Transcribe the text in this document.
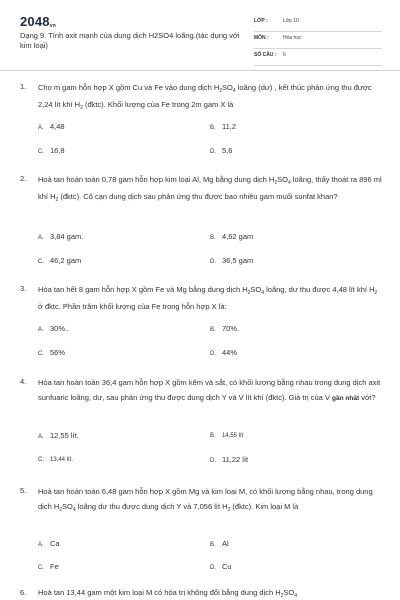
$2048_{vn}$
Dạng 9. Tính axit mạnh của dung dịch H2SO4 loãng.(tác dụng với kim loại)
LỚP :	Lớp 10
MÔN :	Hóa học
SỐ CÂU : 6
1. Cho m gam hỗn hợp X gồm Cu và Fe vào dung dịch $H_2SO_4$ loãng (dư) , kết thúc phản ứng thu được 2,24 lít khí $H_2$ (đktc). Khối lượng của Fe trong 2m gam X là
A. 4,48	B. 11,2
C. 16,8	D. 5,6
2. Hoà tan hoàn toàn 0,78 gam hỗn hợp kim loại Al, Mg bằng dung dịch $H_2SO_4$ loãng, thấy thoát ra 896 ml khí $H_2$ (đktc). Cô cạn dung dịch sau phản ứng thu được bao nhiêu gam muối sunfat khan?
A. 3,84 gam.	B. 4,62 gam
C. 46,2 gam	D. 36,5 gam
3. Hòa tan hết 8 gam hỗn hợp X gồm Fe và Mg bằng dung dịch $H_2SO_4$ loãng, dư thu được 4,48 lít khí $H_2$ ở đktc. Phần trăm khối lượng của Fe trong hỗn hợp X là:
A. 30%..	B. 70%.
C. 56%	D. 44%
4. Hòa tan hoàn toàn 36,4 gam hỗn hợp X gồm kẽm và sắt, có khối lượng bằng nhau trong dung dịch axit sunfuaric loãng, dư, sau phản ứng thu được dung dịch Y và V lít khí (đktc). Giá trị của V gần nhất với?
A. 12,55 lít.	B. 14,55 lít
C. 13,44 lít.	D. 11,22 lít
5. Hoà tan hoàn toàn 6,48 gam hỗn hợp X gồm Mg và kim loại M, có khối lượng bằng nhau, trong dung dịch $H_2SO_4$ loãng dư thu được dung dịch Y và 7,056 lít $H_2$ (đktc). Kim loại M là
A. Ca	B. Al
C. Fe	D. Cu
6. Hoà tan 13,44 gam một kim loại M có hóa trị không đổi bằng dung dịch $H_2SO_4$
